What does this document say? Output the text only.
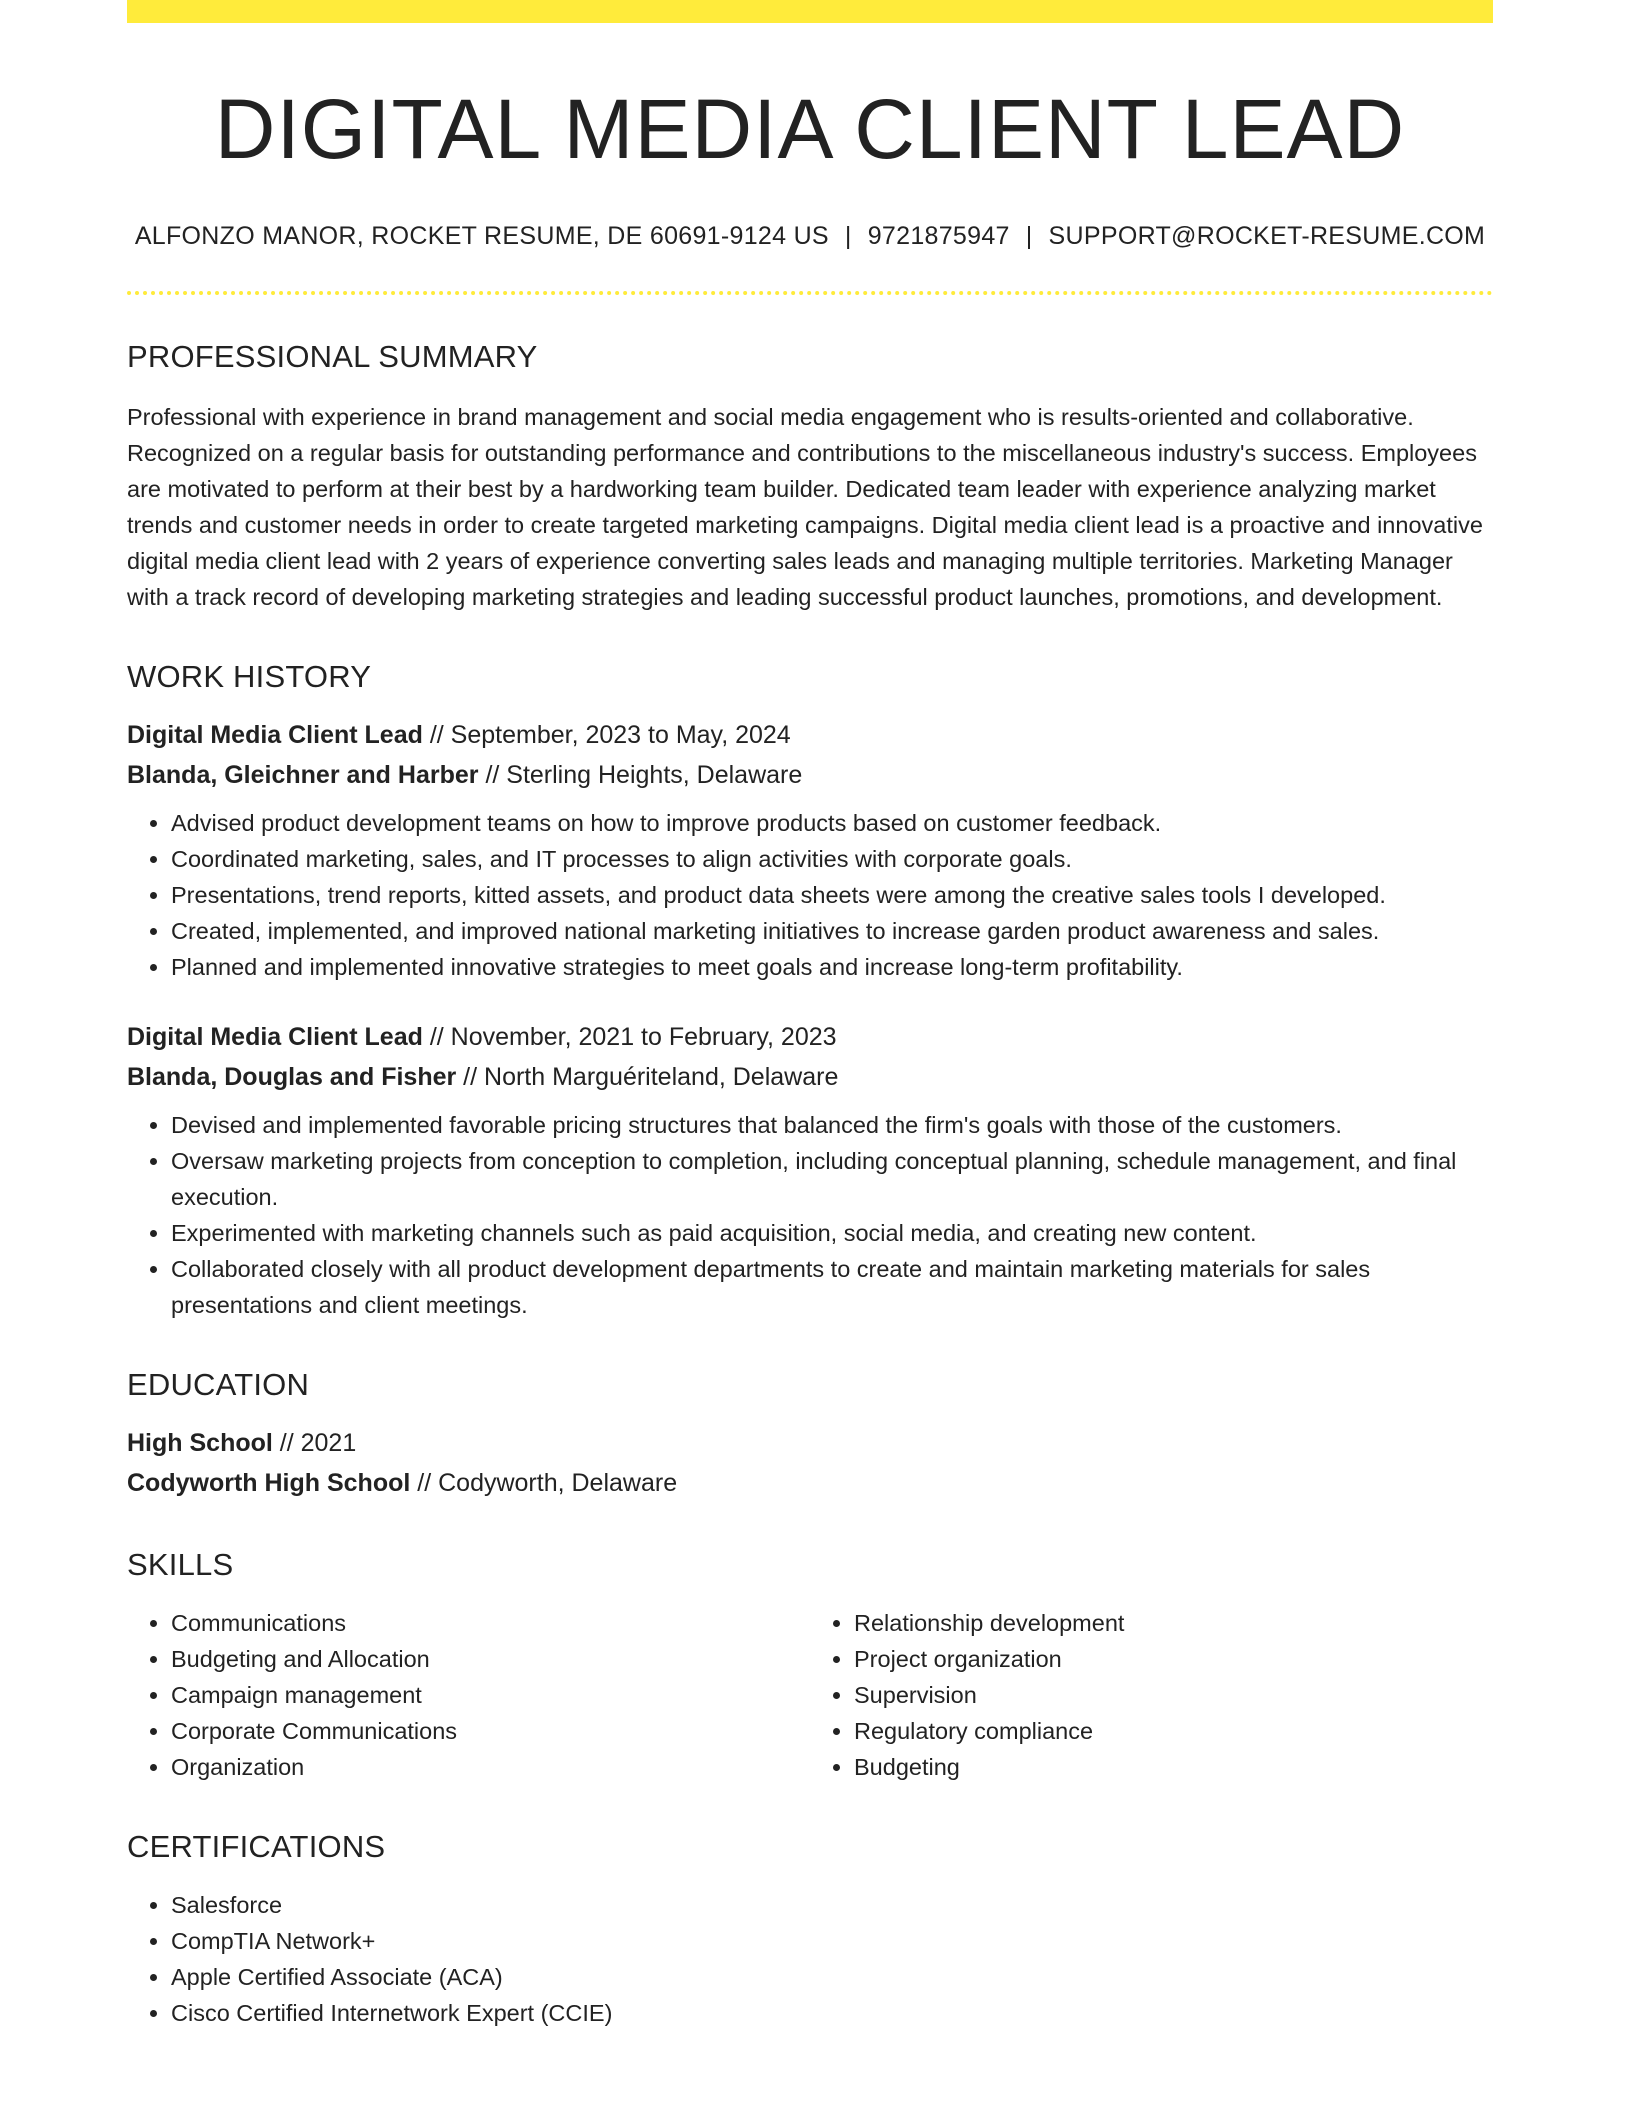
DIGITAL MEDIA CLIENT LEAD
ALFONZO MANOR, ROCKET RESUME, DE 60691-9124 US | 9721875947 | SUPPORT@ROCKET-RESUME.COM
PROFESSIONAL SUMMARY
Professional with experience in brand management and social media engagement who is results-oriented and collaborative. Recognized on a regular basis for outstanding performance and contributions to the miscellaneous industry's success. Employees are motivated to perform at their best by a hardworking team builder. Dedicated team leader with experience analyzing market trends and customer needs in order to create targeted marketing campaigns. Digital media client lead is a proactive and innovative digital media client lead with 2 years of experience converting sales leads and managing multiple territories. Marketing Manager with a track record of developing marketing strategies and leading successful product launches, promotions, and development.
WORK HISTORY
Digital Media Client Lead // September, 2023 to May, 2024
Blanda, Gleichner and Harber // Sterling Heights, Delaware
• Advised product development teams on how to improve products based on customer feedback.
• Coordinated marketing, sales, and IT processes to align activities with corporate goals.
• Presentations, trend reports, kitted assets, and product data sheets were among the creative sales tools I developed.
• Created, implemented, and improved national marketing initiatives to increase garden product awareness and sales.
• Planned and implemented innovative strategies to meet goals and increase long-term profitability.
Digital Media Client Lead // November, 2021 to February, 2023
Blanda, Douglas and Fisher // North Marguériteland, Delaware
• Devised and implemented favorable pricing structures that balanced the firm's goals with those of the customers.
• Oversaw marketing projects from conception to completion, including conceptual planning, schedule management, and final execution.
• Experimented with marketing channels such as paid acquisition, social media, and creating new content.
• Collaborated closely with all product development departments to create and maintain marketing materials for sales presentations and client meetings.
EDUCATION
High School // 2021
Codyworth High School // Codyworth, Delaware
SKILLS
• Communications
• Budgeting and Allocation
• Campaign management
• Corporate Communications
• Organization
• Relationship development
• Project organization
• Supervision
• Regulatory compliance
• Budgeting
CERTIFICATIONS
• Salesforce
• CompTIA Network+
• Apple Certified Associate (ACA)
• Cisco Certified Internetwork Expert (CCIE)
